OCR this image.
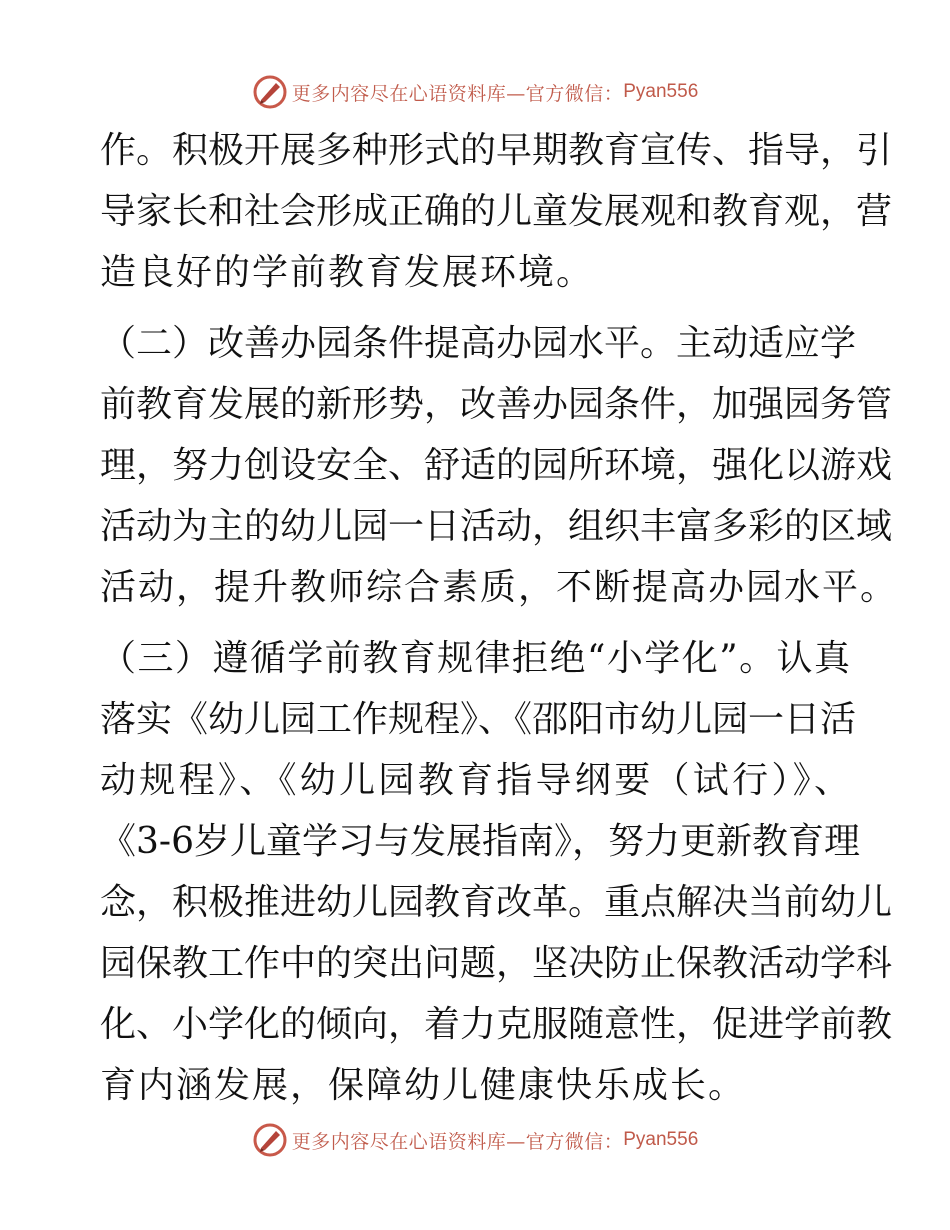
更多内容尽在心语资料库—官方微信： Pyan556
作。积极开展多种形式的早期教育宣传、指导，引
导家长和社会形成正确的儿童发展观和教育观，营
造良好的学前教育发展环境。
（二）改善办园条件提高办园水平。主动适应学
前教育发展的新形势，改善办园条件，加强园务管
理，努力创设安全、舒适的园所环境，强化以游戏
活动为主的幼儿园一日活动，组织丰富多彩的区域
活动，提升教师综合素质，不断提高办园水平。
（三）遵循学前教育规律拒绝“小学化”。认真
落实《幼儿园工作规程》、《邵阳市幼儿园一日活
动规程》、《幼儿园教育指导纲要（试行）》、
《3-6岁儿童学习与发展指南》，努力更新教育理
念，积极推进幼儿园教育改革。重点解决当前幼儿
园保教工作中的突出问题，坚决防止保教活动学科
化、小学化的倾向，着力克服随意性，促进学前教
育内涵发展，保障幼儿健康快乐成长。
更多内容尽在心语资料库—官方微信： Pyan556
